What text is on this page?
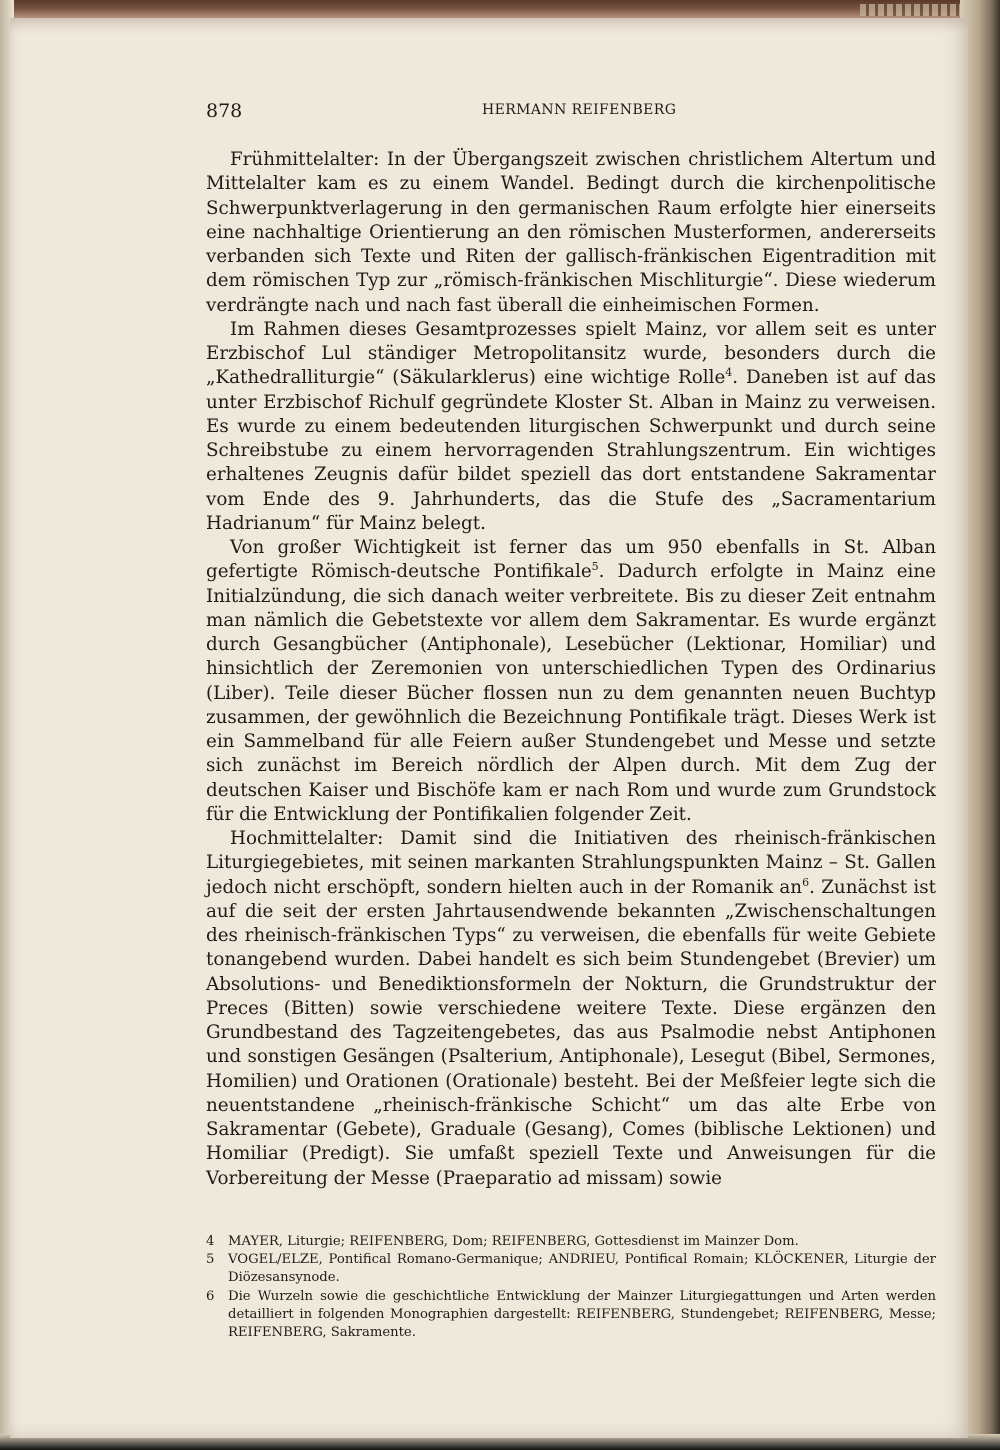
878	HERMANN REIFENBERG

Frühmittelalter: In der Übergangszeit zwischen christlichem Altertum und Mittelalter kam es zu einem Wandel. Bedingt durch die kirchenpolitische Schwerpunktverlagerung in den germanischen Raum erfolgte hier einerseits eine nachhaltige Orientierung an den römischen Musterformen, andererseits verbanden sich Texte und Riten der gallisch-fränkischen Eigentradition mit dem römischen Typ zur „römisch-fränkischen Mischliturgie“. Diese wiederum verdrängte nach und nach fast überall die einheimischen Formen.

Im Rahmen dieses Gesamtprozesses spielt Mainz, vor allem seit es unter Erzbischof Lul ständiger Metropolitansitz wurde, besonders durch die „Kathedralliturgie“ (Säkularklerus) eine wichtige Rolle$^4$. Daneben ist auf das unter Erzbischof Richulf gegründete Kloster St. Alban in Mainz zu verweisen. Es wurde zu einem bedeutenden liturgischen Schwerpunkt und durch seine Schreibstube zu einem hervorragenden Strahlungszentrum. Ein wichtiges erhaltenes Zeugnis dafür bildet speziell das dort entstandene Sakramentar vom Ende des 9. Jahrhunderts, das die Stufe des „Sacramentarium Hadrianum“ für Mainz belegt.

Von großer Wichtigkeit ist ferner das um 950 ebenfalls in St. Alban gefertigte Römisch-deutsche Pontifikale$^5$. Dadurch erfolgte in Mainz eine Initialzündung, die sich danach weiter verbreitete. Bis zu dieser Zeit entnahm man nämlich die Gebetstexte vor allem dem Sakramentar. Es wurde ergänzt durch Gesangbücher (Antiphonale), Lesebücher (Lektionar, Homiliar) und hinsichtlich der Zeremonien von unterschiedlichen Typen des Ordinarius (Liber). Teile dieser Bücher flossen nun zu dem genannten neuen Buchtyp zusammen, der gewöhnlich die Bezeichnung Pontifikale trägt. Dieses Werk ist ein Sammelband für alle Feiern außer Stundengebet und Messe und setzte sich zunächst im Bereich nördlich der Alpen durch. Mit dem Zug der deutschen Kaiser und Bischöfe kam er nach Rom und wurde zum Grundstock für die Entwicklung der Pontifikalien folgender Zeit.

Hochmittelalter: Damit sind die Initiativen des rheinisch-fränkischen Liturgiegebietes, mit seinen markanten Strahlungspunkten Mainz – St. Gallen jedoch nicht erschöpft, sondern hielten auch in der Romanik $an^6$. Zunächst ist auf die seit der ersten Jahrtausendwende bekannten „Zwischenschaltungen des rheinisch-fränkischen Typs“ zu verweisen, die ebenfalls für weite Gebiete tonangebend wurden. Dabei handelt es sich beim Stundengebet (Brevier) um Absolutions- und Benediktionsformeln der Nokturn, die Grundstruktur der Preces (Bitten) sowie verschiedene weitere Texte. Diese ergänzen den Grundbestand des Tagzeitengebetes, das aus Psalmodie nebst Antiphonen und sonstigen Gesängen (Psalterium, Antiphonale), Lesegut (Bibel, Sermones, Homilien) und Orationen (Orationale) besteht. Bei der Meßfeier legte sich die neuentstandene „rheinisch-fränkische Schicht“ um das alte Erbe von Sakramentar (Gebete), Graduale (Gesang), Comes (biblische Lektionen) und Homiliar (Predigt). Sie umfaßt speziell Texte und Anweisungen für die Vorbereitung der Messe (Praeparatio ad missam) sowie

4 MAYER, Liturgie; REIFENBERG, Dom; REIFENBERG, Gottesdienst im Mainzer Dom.
5 VOGEL/ELZE, Pontifical Romano-Germanique; ANDRIEU, Pontifical Romain; KLÖCKENER, Liturgie der Diözesansynode.
6 Die Wurzeln sowie die geschichtliche Entwicklung der Mainzer Liturgiegattungen und Arten werden detailliert in folgenden Monographien dargestellt: REIFENBERG, Stundengebet; REIFENBERG, Messe; REIFENBERG, Sakramente.
